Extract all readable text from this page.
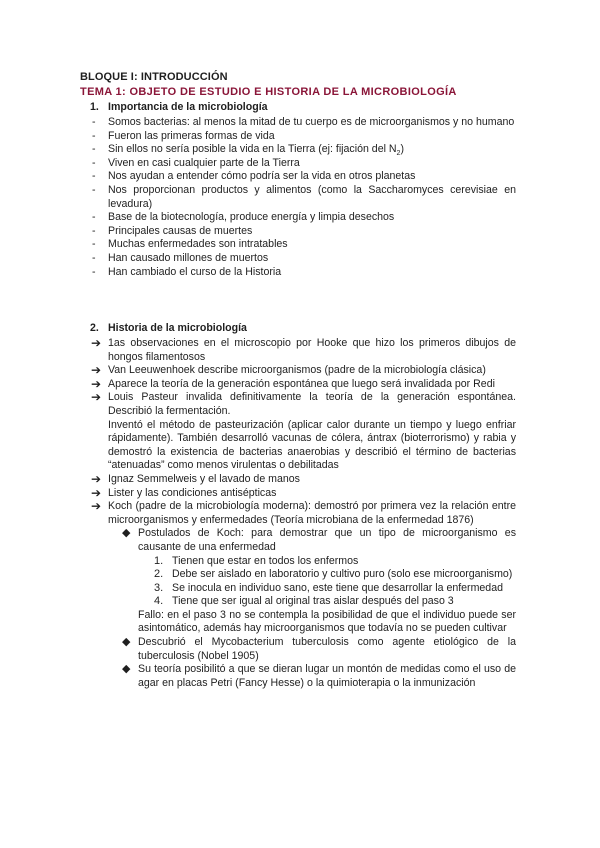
BLOQUE I: INTRODUCCIÓN
TEMA 1: OBJETO DE ESTUDIO E HISTORIA DE LA MICROBIOLOGÍA
1. Importancia de la microbiología
- Somos bacterias: al menos la mitad de tu cuerpo es de microorganismos y no humano
- Fueron las primeras formas de vida
- Sin ellos no sería posible la vida en la Tierra (ej: fijación del $N_2$)
- Viven en casi cualquier parte de la Tierra
- Nos ayudan a entender cómo podría ser la vida en otros planetas
- Nos proporcionan productos y alimentos (como la Saccharomyces cerevisiae en levadura)
- Base de la biotecnología, produce energía y limpia desechos
- Principales causas de muertes
- Muchas enfermedades son intratables
- Han causado millones de muertos
- Han cambiado el curso de la Historia
2. Historia de la microbiología
➔ 1as observaciones en el microscopio por Hooke que hizo los primeros dibujos de hongos filamentosos
➔ Van Leeuwenhoek describe microorganismos (padre de la microbiología clásica)
➔ Aparece la teoría de la generación espontánea que luego será invalidada por Redi
➔ Louis Pasteur invalida definitivamente la teoría de la generación espontánea. Describió la fermentación.
Inventó el método de pasteurización (aplicar calor durante un tiempo y luego enfriar rápidamente). También desarrolló vacunas de cólera, ántrax (bioterrorismo) y rabia y demostró la existencia de bacterias anaerobias y describió el término de bacterias “atenuadas” como menos virulentas o debilitadas
➔ Ignaz Semmelweis y el lavado de manos
➔ Lister y las condiciones antisépticas
➔ Koch (padre de la microbiología moderna): demostró por primera vez la relación entre microorganismos y enfermedades (Teoría microbiana de la enfermedad 1876)
◆ Postulados de Koch: para demostrar que un tipo de microorganismo es causante de una enfermedad
1. Tienen que estar en todos los enfermos
2. Debe ser aislado en laboratorio y cultivo puro (solo ese microorganismo)
3. Se inocula en individuo sano, este tiene que desarrollar la enfermedad
4. Tiene que ser igual al original tras aislar después del paso 3
Fallo: en el paso 3 no se contempla la posibilidad de que el individuo puede ser asintomático, además hay microorganismos que todavía no se pueden cultivar
◆ Descubrió el Mycobacterium tuberculosis como agente etiológico de la tuberculosis (Nobel 1905)
◆ Su teoría posibilitó a que se dieran lugar un montón de medidas como el uso de agar en placas Petri (Fancy Hesse) o la quimioterapia o la inmunización
